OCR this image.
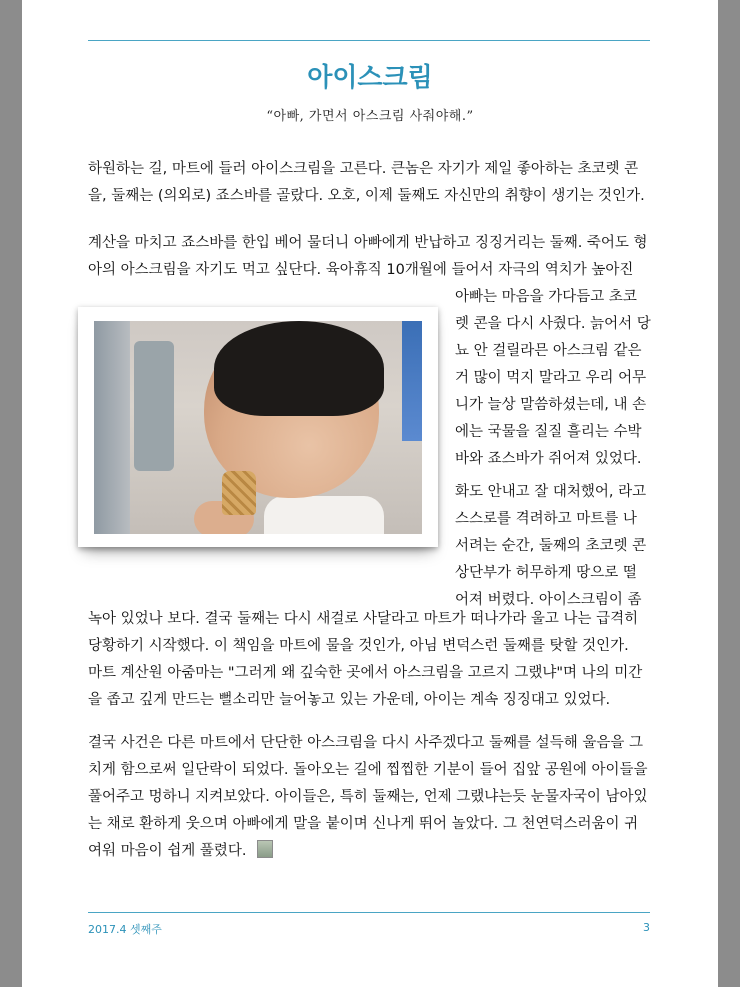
아이스크림
“아빠, 가면서 아스크림 사줘야해.”
하원하는 길, 마트에 들러 아이스크림을 고른다. 큰놈은 자기가 제일 좋아하는 초코렛 콘
을, 둘째는 (의외로) 죠스바를 골랐다. 오호, 이제 둘째도 자신만의 취향이 생기는 것인가.
계산을 마치고 죠스바를 한입 베어 물더니 아빠에게 반납하고 징징거리는 둘째. 죽어도 형
아의 아스크림을 자기도 먹고 싶단다. 육아휴직 10개월에 들어서 자극의 역치가 높아진
아빠는 마음을 가다듬고 초코
렛 콘을 다시 사줬다. 늙어서 당
뇨 안 걸릴라믄 아스크림 같은
거 많이 먹지 말라고 우리 어무
니가 늘상 말씀하셨는데, 내 손
에는 국물을 질질 흘리는 수박
바와 죠스바가 쥐어져 있었다.
화도 안내고 잘 대처했어, 라고
스스로를 격려하고 마트를 나
서려는 순간, 둘째의 초코렛 콘
상단부가 허무하게 땅으로 떨
어져 버렸다. 아이스크림이 좀
녹아 있었나 보다. 결국 둘째는 다시 새걸로 사달라고 마트가 떠나가라 울고 나는 급격히
당황하기 시작했다. 이 책임을 마트에 물을 것인가, 아님 변덕스런 둘째를 탓할 것인가.
마트 계산원 아줌마는 "그러게 왜 깊숙한 곳에서 아스크림을 고르지 그랬냐"며 나의 미간
을 좁고 깊게 만드는 뻘소리만 늘어놓고 있는 가운데, 아이는 계속 징징대고 있었다.
결국 사건은 다른 마트에서 단단한 아스크림을 다시 사주겠다고 둘째를 설득해 울음을 그
치게 함으로써 일단락이 되었다. 돌아오는 길에 찝찝한 기분이 들어 집앞 공원에 아이들을
풀어주고 멍하니 지켜보았다. 아이들은, 특히 둘째는, 언제 그랬냐는듯 눈물자국이 남아있
는 채로 환하게 웃으며 아빠에게 말을 붙이며 신나게 뛰어 놀았다. 그 천연덕스러움이 귀
여워 마음이 쉽게 풀렸다.
2017.4 셋째주	3
